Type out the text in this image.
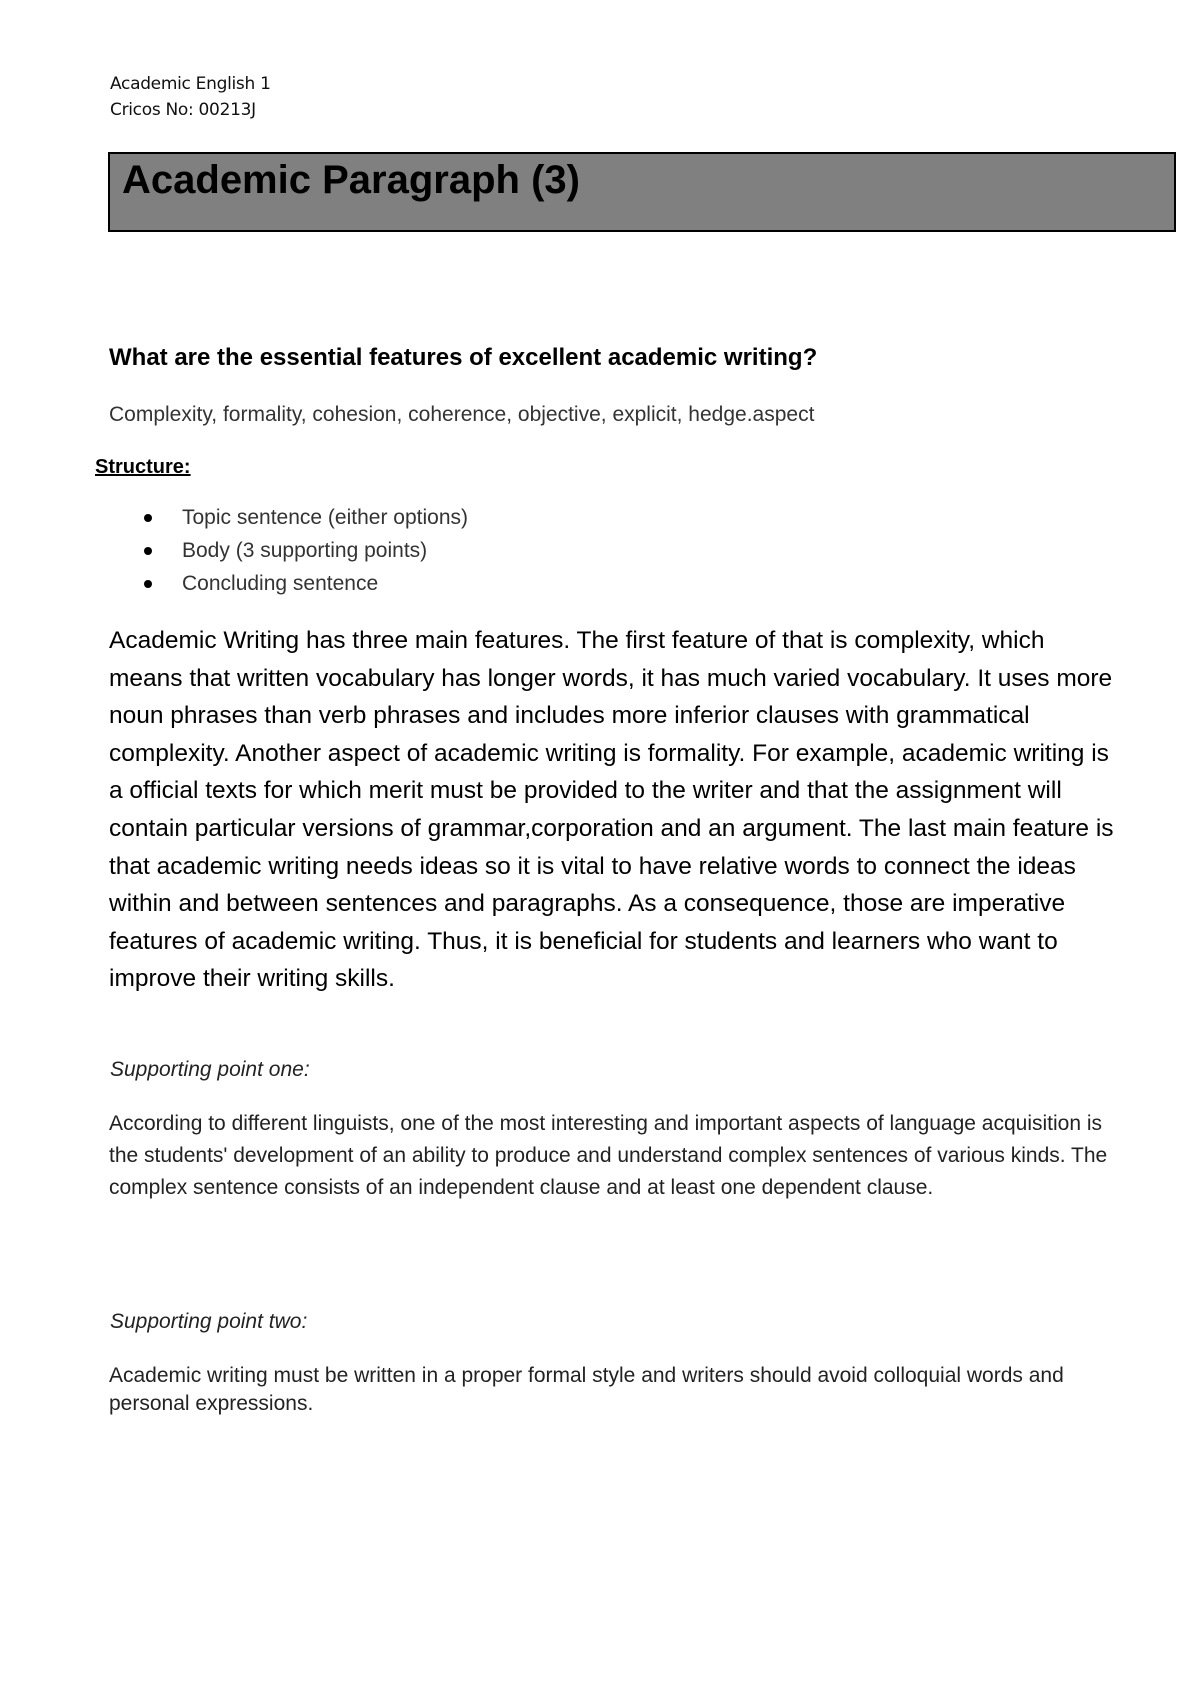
Academic English 1
Cricos No: 00213J
Academic Paragraph (3)
What are the essential features of excellent academic writing?
Complexity, formality, cohesion, coherence, objective, explicit, hedge.aspect
Structure:
Topic sentence (either options)
Body (3 supporting points)
Concluding sentence

Academic Writing has three main features. The first feature of that is complexity, which means that written vocabulary has longer words, it has much varied vocabulary. It uses more noun phrases than verb phrases and includes more inferior clauses with grammatical complexity. Another aspect of academic writing is formality. For example, academic writing is a official texts for which merit must be provided to the writer and that the assignment will contain particular versions of grammar,corporation and an argument. The last main feature is that academic writing needs ideas so it is vital to have relative words to connect the ideas within and between sentences and paragraphs. As a consequence, those are imperative features of academic writing. Thus, it is beneficial for students and learners who want to improve their writing skills.

Supporting point one:

According to different linguists, one of the most interesting and important aspects of language acquisition is the students' development of an ability to produce and understand complex sentences of various kinds. The complex sentence consists of an independent clause and at least one dependent clause.

Supporting point two:

Academic writing must be written in a proper formal style and writers should avoid colloquial words and personal expressions.
